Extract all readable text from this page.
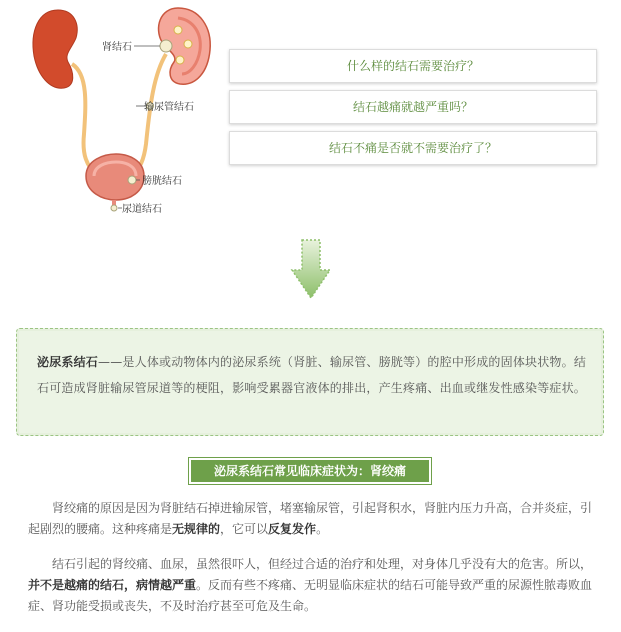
肾结石
输尿管结石
膀胱结石
尿道结石
什么样的结石需要治疗？
结石越痛就越严重吗？
结石不痛是否就不需要治疗了？

泌尿系结石——是人体或动物体内的泌尿系统（肾脏、输尿管、膀胱等）的腔中形成的固体块状物。结石可造成肾脏输尿管尿道等的梗阻，影响受累器官液体的排出，产生疼痛、出血或继发性感染等症状。

泌尿系结石常见临床症状为：肾绞痛

肾绞痛的原因是因为肾脏结石掉进输尿管，堵塞输尿管，引起肾积水，肾脏内压力升高，合并炎症，引起剧烈的腰痛。这种疼痛是无规律的，它可以反复发作。

结石引起的肾绞痛、血尿，虽然很吓人，但经过合适的治疗和处理，对身体几乎没有大的危害。所以，并不是越痛的结石，病情越严重。反而有些不疼痛、无明显临床症状的结石可能导致严重的尿源性脓毒败血症、肾功能受损或丧失，不及时治疗甚至可危及生命。
